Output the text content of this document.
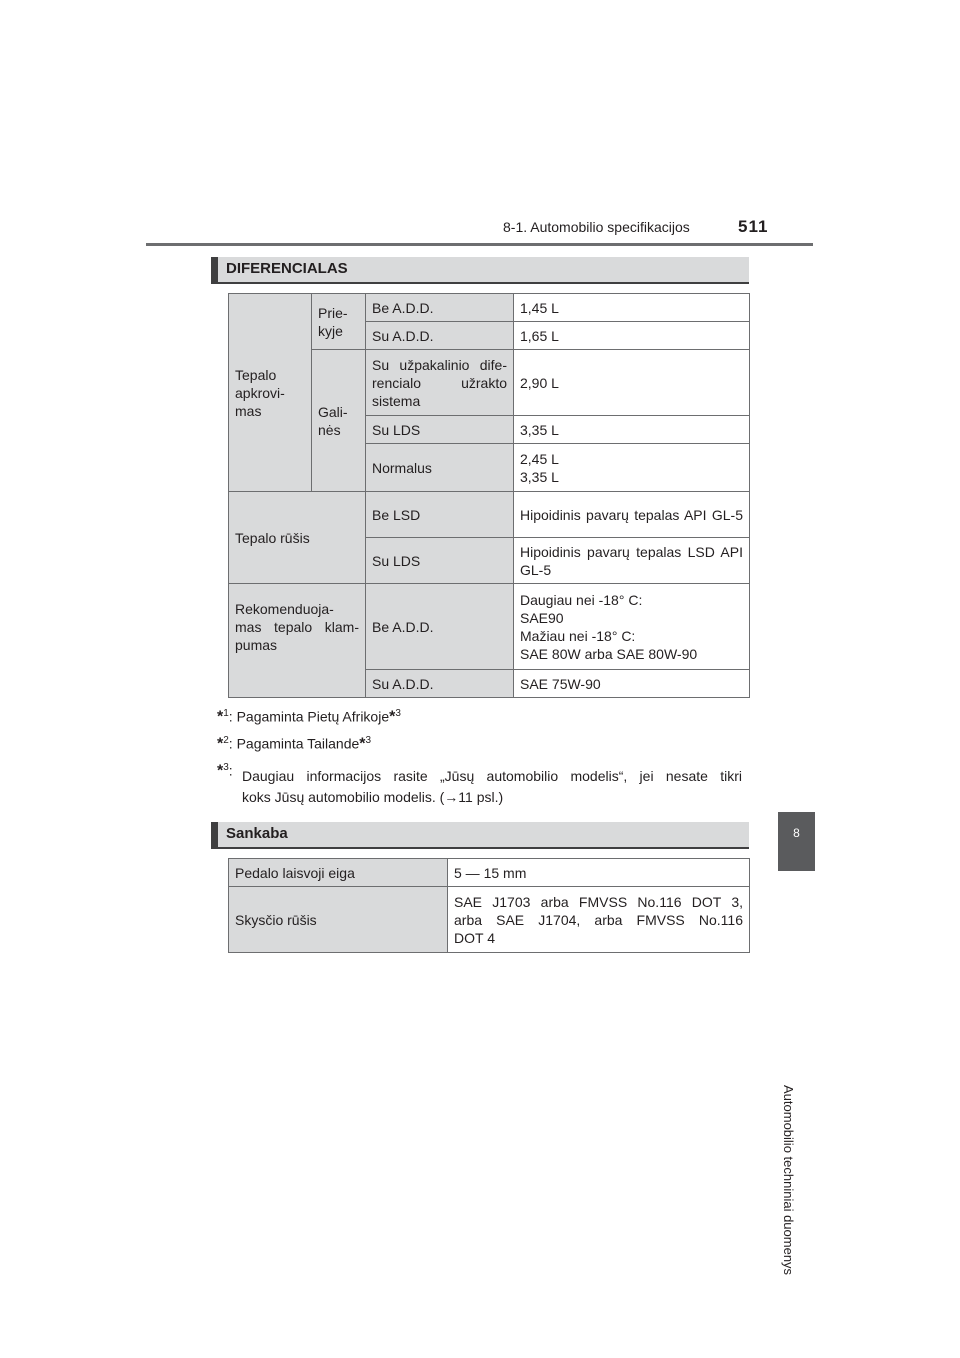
8-1. Automobilio specifikacijos	511
8
Automobilio techniniai duomenys
DIFERENCIALAS
Tepalo apkrovi- mas	Prie- kyje	Be A.D.D.	1,45 L
		Su A.D.D.	1,65 L
	Gali- nės	Su užpakalinio dife- rencialo užrakto sistema	2,90 L
		Su LDS	3,35 L
		Normalus	2,45 L
3,35 L

Tepalo rūšis		Be LSD	Hipoidinis pavarų tepalas API GL-5
		Su LDS	Hipoidinis pavarų tepalas LSD API GL-5
Rekomenduoja- mas tepalo klam- pumas		Be A.D.D.	Daugiau nei -18° C:
SAE90
Mažiau nei -18° C:
SAE 80W arba SAE 80W-90

		Su A.D.D.	SAE 75W-90
*$^1$: Pagaminta Pietų Afrikoje*$^3$
*$^2$: Pagaminta Tailande*$^3$
*$^3$: Daugiau informacijos rasite „Jūsų automobilio modelis“, jei nesate tikri
koks Jūsų automobilio modelis. (→11 psl.)
Sankaba
Pedalo laisvoji eiga	5 — 15 mm
Skysčio rūšis	SAE J1703 arba FMVSS No.116 DOT 3,
arba SAE J1704, arba FMVSS No.116
DOT 4
